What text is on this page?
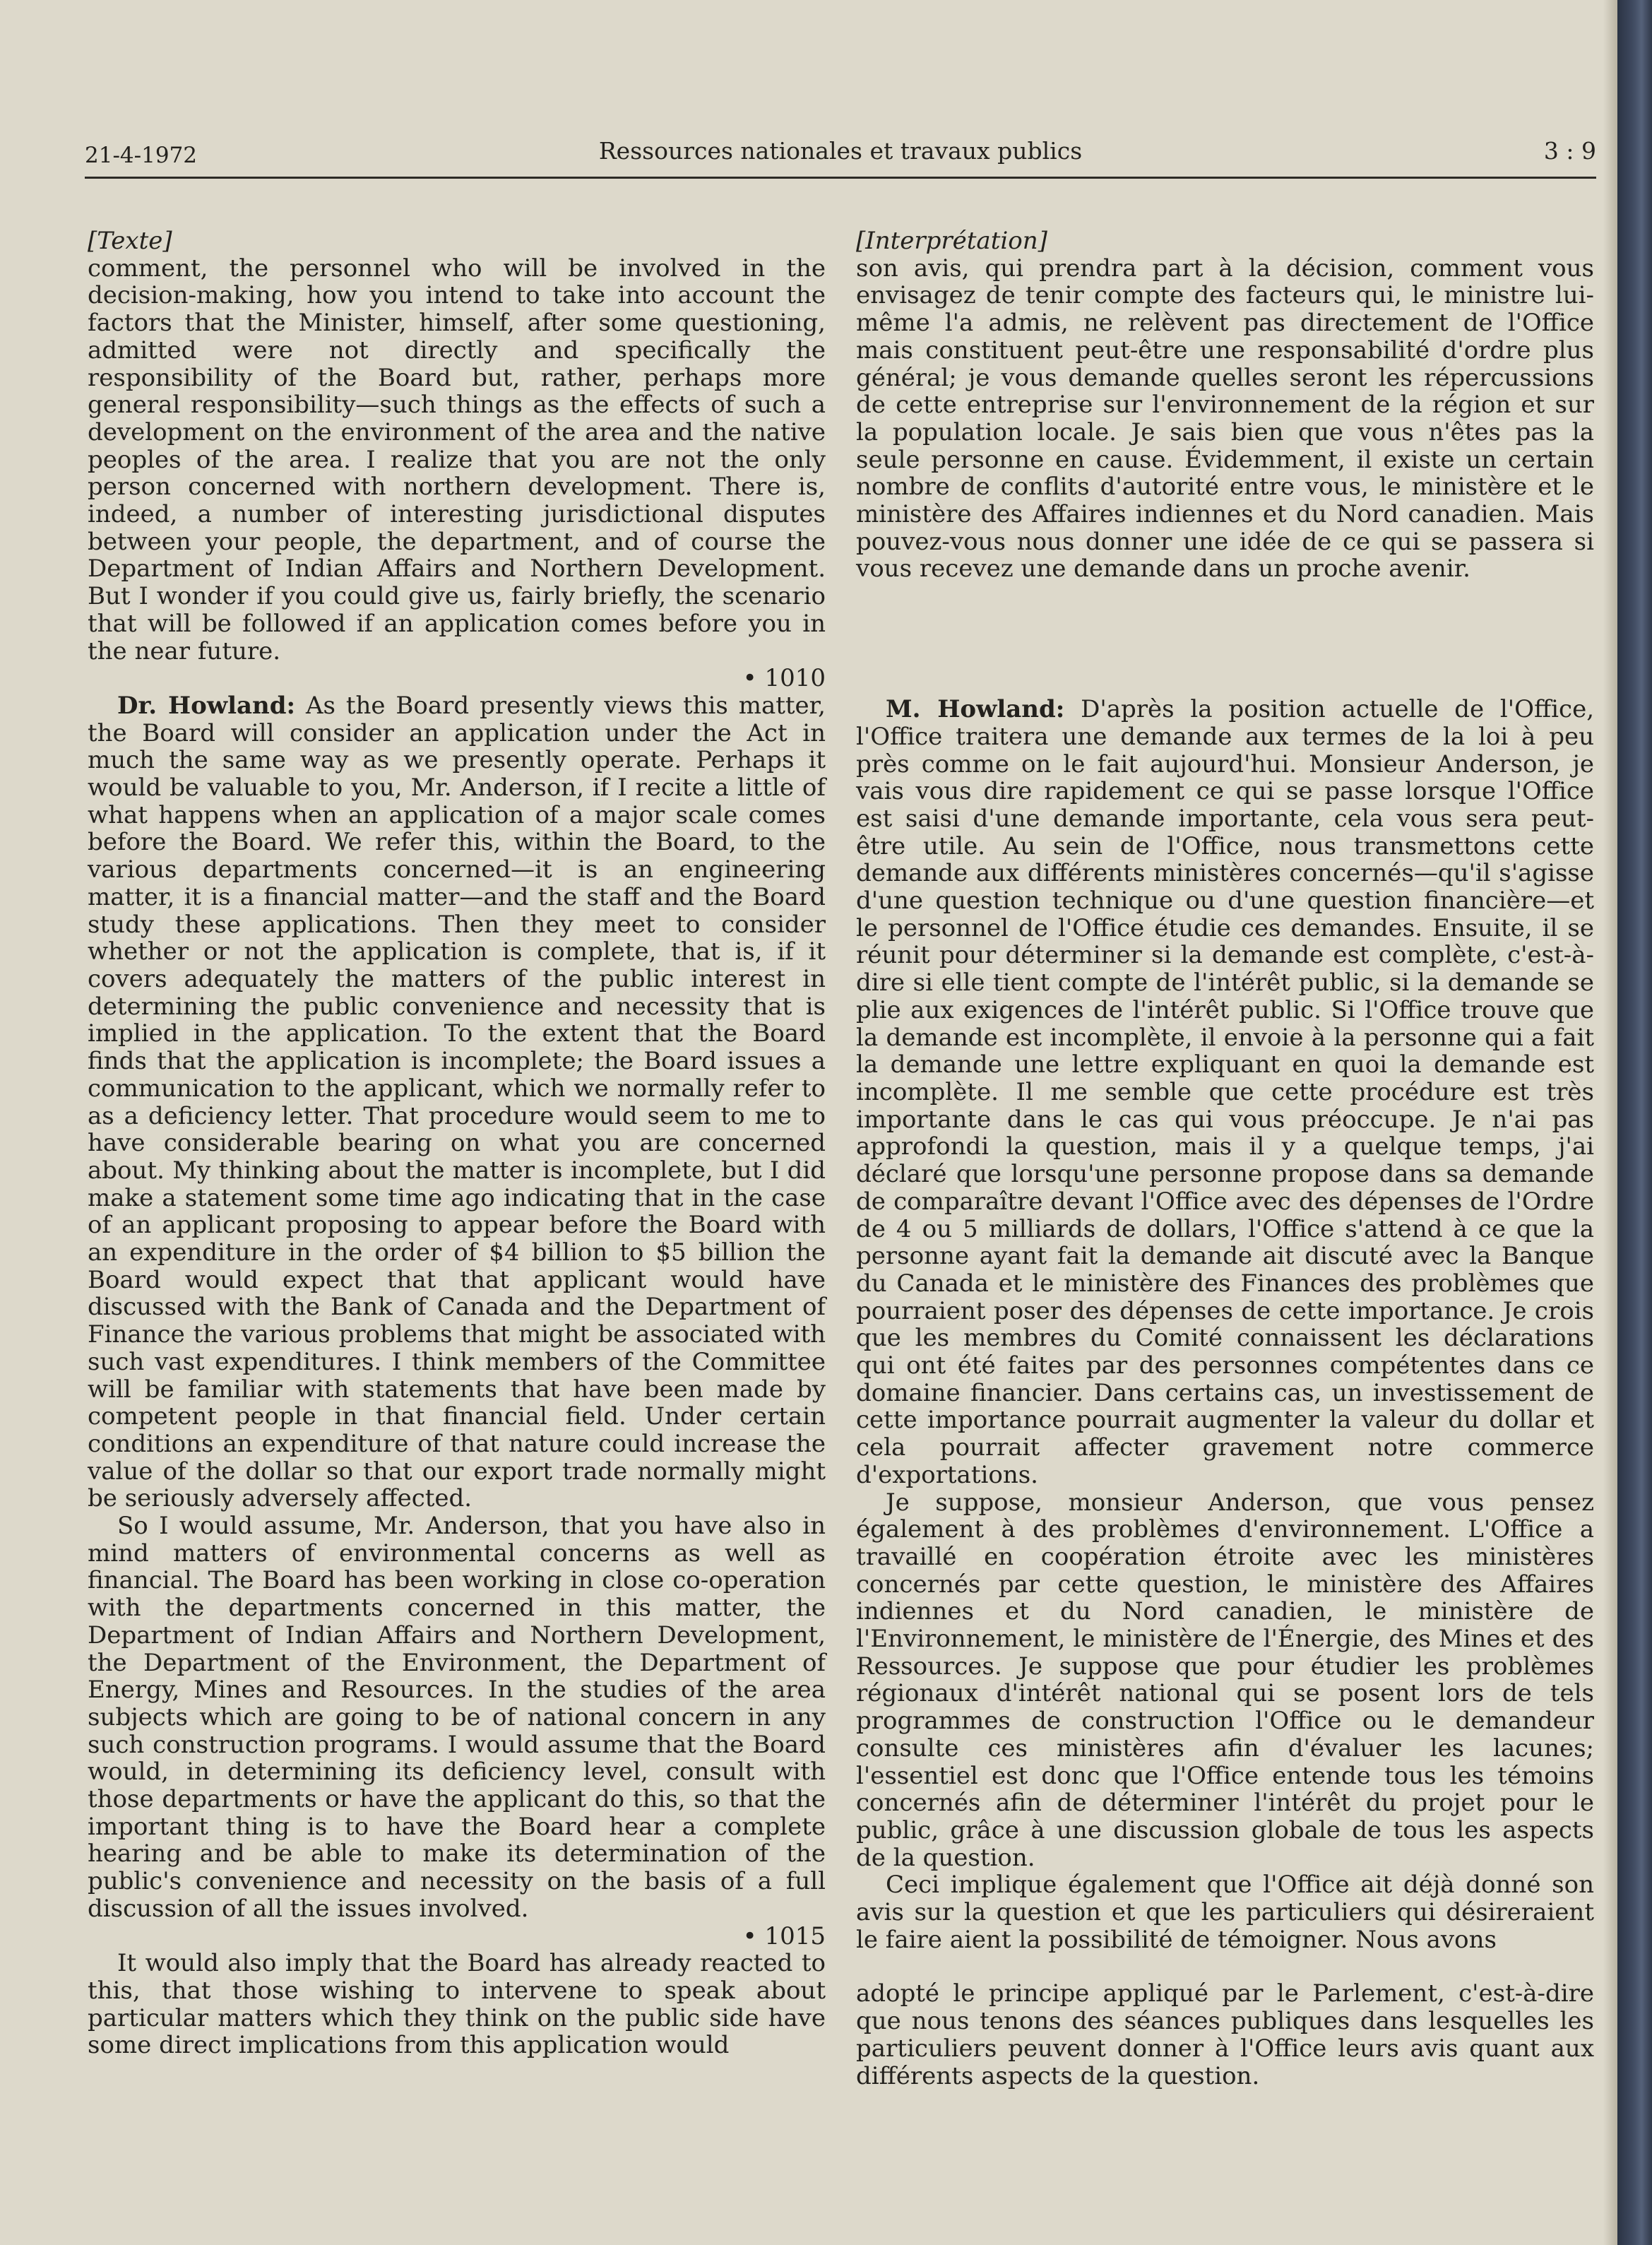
21-4-1972	Ressources nationales et travaux publics	3 : 9

[Texte]

comment, the personnel who will be involved in the decision-making, how you intend to take into account the factors that the Minister, himself, after some questioning, admitted were not directly and specifically the responsibility of the Board but, rather, perhaps more general responsibility—such things as the effects of such a development on the environment of the area and the native peoples of the area. I realize that you are not the only person concerned with northern development. There is, indeed, a number of interesting jurisdictional disputes between your people, the department, and of course the Department of Indian Affairs and Northern Development. But I wonder if you could give us, fairly briefly, the scenario that will be followed if an application comes before you in the near future.

• 1010

Dr. Howland: As the Board presently views this matter, the Board will consider an application under the Act in much the same way as we presently operate. Perhaps it would be valuable to you, Mr. Anderson, if I recite a little of what happens when an application of a major scale comes before the Board. We refer this, within the Board, to the various departments concerned—it is an engineering matter, it is a financial matter—and the staff and the Board study these applications. Then they meet to consider whether or not the application is complete, that is, if it covers adequately the matters of the public interest in determining the public convenience and necessity that is implied in the application. To the extent that the Board finds that the application is incomplete; the Board issues a communication to the applicant, which we normally refer to as a deficiency letter. That procedure would seem to me to have considerable bearing on what you are concerned about. My thinking about the matter is incomplete, but I did make a statement some time ago indicating that in the case of an applicant proposing to appear before the Board with an expenditure in the order of $4 billion to $5 billion the Board would expect that that applicant would have discussed with the Bank of Canada and the Department of Finance the various problems that might be associated with such vast expenditures. I think members of the Committee will be familiar with statements that have been made by competent people in that financial field. Under certain conditions an expenditure of that nature could increase the value of the dollar so that our export trade normally might be seriously adversely affected.

So I would assume, Mr. Anderson, that you have also in mind matters of environmental concerns as well as financial. The Board has been working in close co-operation with the departments concerned in this matter, the Department of Indian Affairs and Northern Development, the Department of the Environment, the Department of Energy, Mines and Resources. In the studies of the area subjects which are going to be of national concern in any such construction programs. I would assume that the Board would, in determining its deficiency level, consult with those departments or have the applicant do this, so that the important thing is to have the Board hear a complete hearing and be able to make its determination of the public's convenience and necessity on the basis of a full discussion of all the issues involved.

• 1015

It would also imply that the Board has already reacted to this, that those wishing to intervene to speak about particular matters which they think on the public side have some direct implications from this application would

[Interprétation]

son avis, qui prendra part à la décision, comment vous envisagez de tenir compte des facteurs qui, le ministre lui-même l'a admis, ne relèvent pas directement de l'Office mais constituent peut-être une responsabilité d'ordre plus général; je vous demande quelles seront les répercussions de cette entreprise sur l'environnement de la région et sur la population locale. Je sais bien que vous n'êtes pas la seule personne en cause. Évidemment, il existe un certain nombre de conflits d'autorité entre vous, le ministère et le ministère des Affaires indiennes et du Nord canadien. Mais pouvez-vous nous donner une idée de ce qui se passera si vous recevez une demande dans un proche avenir.

M. Howland: D'après la position actuelle de l'Office, l'Office traitera une demande aux termes de la loi à peu près comme on le fait aujourd'hui. Monsieur Anderson, je vais vous dire rapidement ce qui se passe lorsque l'Office est saisi d'une demande importante, cela vous sera peut-être utile. Au sein de l'Office, nous transmettons cette demande aux différents ministères concernés—qu'il s'agisse d'une question technique ou d'une question financière—et le personnel de l'Office étudie ces demandes. Ensuite, il se réunit pour déterminer si la demande est complète, c'est-à-dire si elle tient compte de l'intérêt public, si la demande se plie aux exigences de l'intérêt public. Si l'Office trouve que la demande est incomplète, il envoie à la personne qui a fait la demande une lettre expliquant en quoi la demande est incomplète. Il me semble que cette procédure est très importante dans le cas qui vous préoccupe. Je n'ai pas approfondi la question, mais il y a quelque temps, j'ai déclaré que lorsqu'une personne propose dans sa demande de comparaître devant l'Office avec des dépenses de l'Ordre de 4 ou 5 milliards de dollars, l'Office s'attend à ce que la personne ayant fait la demande ait discuté avec la Banque du Canada et le ministère des Finances des problèmes que pourraient poser des dépenses de cette importance. Je crois que les membres du Comité connaissent les déclarations qui ont été faites par des personnes compétentes dans ce domaine financier. Dans certains cas, un investissement de cette importance pourrait augmenter la valeur du dollar et cela pourrait affecter gravement notre commerce d'exportations.

Je suppose, monsieur Anderson, que vous pensez également à des problèmes d'environnement. L'Office a travaillé en coopération étroite avec les ministères concernés par cette question, le ministère des Affaires indiennes et du Nord canadien, le ministère de l'Environnement, le ministère de l'Énergie, des Mines et des Ressources. Je suppose que pour étudier les problèmes régionaux d'intérêt national qui se posent lors de tels programmes de construction l'Office ou le demandeur consulte ces ministères afin d'évaluer les lacunes; l'essentiel est donc que l'Office entende tous les témoins concernés afin de déterminer l'intérêt du projet pour le public, grâce à une discussion globale de tous les aspects de la question.

Ceci implique également que l'Office ait déjà donné son avis sur la question et que les particuliers qui désireraient le faire aient la possibilité de témoigner. Nous avons

adopté le principe appliqué par le Parlement, c'est-à-dire que nous tenons des séances publiques dans lesquelles les particuliers peuvent donner à l'Office leurs avis quant aux différents aspects de la question.
